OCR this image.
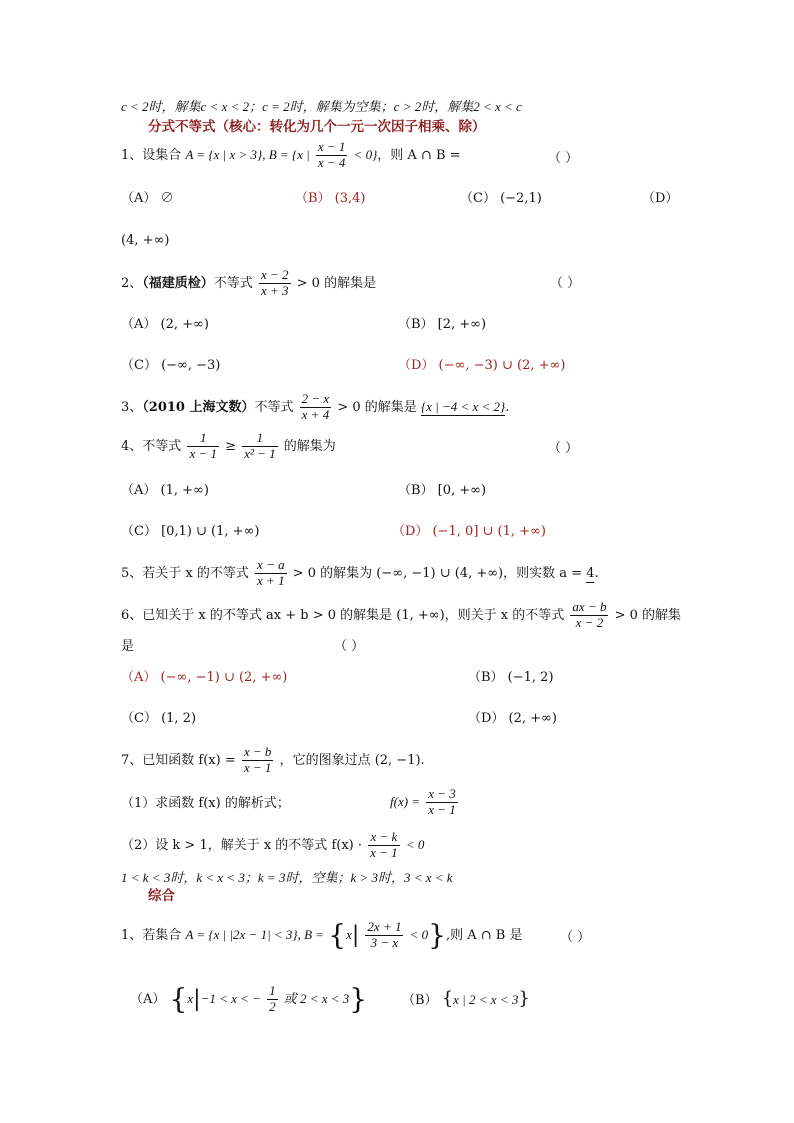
c < 2时，解集c < x < 2；c = 2时，解集为空集；c > 2时，解集2 < x < c
分式不等式（核心：转化为几个一元一次因子相乘、除）
1、设集合 A = {x | x > 3}, B = {x | $\frac{x - 1}{x - 4} < 0$}，则 A ∩ B =	（ ）
（A） ∅	（B） (3,4)	（C） (−2,1)	（D）
(4, +∞)
2、（福建质检）不等式 $\frac{x - 2}{x + 3} > 0$ 的解集是	（ ）
（A） (2, +∞)	（B） [2, +∞)
（C） (−∞, −3)	（D） (−∞, −3) ∪ (2, +∞)
3、（2010 上海文数）不等式 $\frac{2 - x}{x + 4} > 0$ 的解集是 {x | −4 < x < 2}.
4、不等式 $\frac{1}{x - 1} \ge \frac{1}{\text{x² − 1}}$ 的解集为	（ ）
（A） (1, +∞)	（B） [0, +∞)
（C） [0,1) ∪ (1, +∞)	（D） (−1, 0] ∪ (1, +∞)
5、若关于 x 的不等式 $\frac{x - a}{x + 1} > 0$ 的解集为 (−∞, −1) ∪ (4, +∞)，则实数 a = 4.
6、已知关于 x 的不等式 ax + b > 0 的解集是 (1, +∞)，则关于 x 的不等式 $\frac{ax - b}{x - 2} > 0$ 的解集
是	（ ）
（A） (−∞, −1) ∪ (2, +∞)	（B） (−1, 2)
（C） (1, 2)	（D） (2, +∞)
7、已知函数 $f(x) = \frac{x - b}{x - 1}$ ，它的图象过点 (2, −1).
（1）求函数 f(x) 的解析式；	$f(x) = \frac{x - 3}{x - 1}$
（2）设 k > 1，解关于 x 的不等式 $f(x) \cdot \frac{x - k}{x - 1} < 0$
1 < k < 3时，k < x < 3；k = 3时，空集；k > 3时，3 < x < k
综合
1、若集合 A = {x | |2x − 1| < 3}, $B = \{x| \frac{2x + 1}{3 - x} < 0\}$,则 A ∩ B 是	（ ）
（A） {x|−1 < x < − $\frac{1}{2}$ 或 2 < x < 3}	（B） {x | 2 < x < 3}
